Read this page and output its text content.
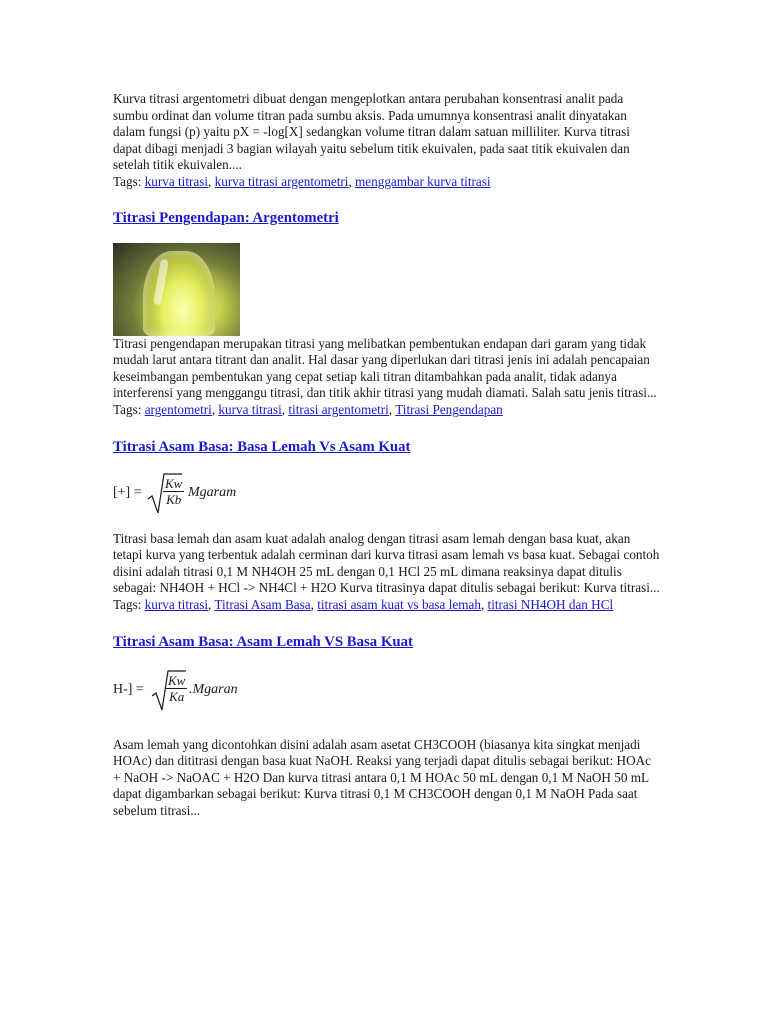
Kurva titrasi argentometri dibuat dengan mengeplotkan antara perubahan konsentrasi analit pada sumbu ordinat dan volume titran pada sumbu aksis. Pada umumnya konsentrasi analit dinyatakan dalam fungsi (p) yaitu pX = -log[X] sedangkan volume titran dalam satuan milliliter. Kurva titrasi dapat dibagi menjadi 3 bagian wilayah yaitu sebelum titik ekuivalen, pada saat titik ekuivalen dan setelah titik ekuivalen....

Tags: kurva titrasi, kurva titrasi argentometri, menggambar kurva titrasi

Titrasi Pengendapan: Argentometri

Titrasi pengendapan merupakan titrasi yang melibatkan pembentukan endapan dari garam yang tidak mudah larut antara titrant dan analit. Hal dasar yang diperlukan dari titrasi jenis ini adalah pencapaian keseimbangan pembentukan yang cepat setiap kali titran ditambahkan pada analit, tidak adanya interferensi yang menggangu titrasi, dan titik akhir titrasi yang mudah diamati. Salah satu jenis titrasi...

Tags: argentometri, kurva titrasi, titrasi argentometri, Titrasi Pengendapan

Titrasi Asam Basa: Basa Lemah Vs Asam Kuat
[+] = $\frac{Kw}{Kb}$ Mgaram

Titrasi basa lemah dan asam kuat adalah analog dengan titrasi asam lemah dengan basa kuat, akan tetapi kurva yang terbentuk adalah cerminan dari kurva titrasi asam lemah vs basa kuat. Sebagai contoh disini adalah titrasi 0,1 M NH4OH 25 mL dengan 0,1 HCl 25 mL dimana reaksinya dapat ditulis sebagai: NH4OH + HCl -> NH4Cl + H2O Kurva titrasinya dapat ditulis sebagai berikut: Kurva titrasi...

Tags: kurva titrasi, Titrasi Asam Basa, titrasi asam kuat vs basa lemah, titrasi NH4OH dan HCl

Titrasi Asam Basa: Asam Lemah VS Basa Kuat
$H-] = \frac{Kw}{Ka}$ .Mgaran

Asam lemah yang dicontohkan disini adalah asam asetat CH3COOH (biasanya kita singkat menjadi HOAc) dan dititrasi dengan basa kuat NaOH. Reaksi yang terjadi dapat ditulis sebagai berikut: HOAc + NaOH -> NaOAC + H2O Dan kurva titrasi antara 0,1 M HOAc 50 mL dengan 0,1 M NaOH 50 mL dapat digambarkan sebagai berikut: Kurva titrasi 0,1 M CH3COOH dengan 0,1 M NaOH Pada saat sebelum titrasi...
